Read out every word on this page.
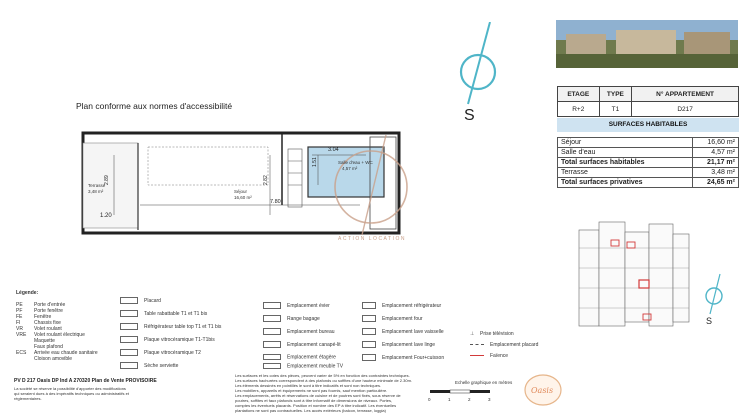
Plan conforme aux normes d'accessibilité
S
ACTION LOCATION
Terrasse
3,48 m²	Séjour
16,60 m²
Salle d'eau + WC
4,57 m²
2.89
1.20
2.82
7.80
3.04
1.51
ETAGE	TYPE	N° APPARTEMENT
R+2	T1	D217
SURFACES HABITABLES
Séjour	16,60 m²
Salle d'eau	4,57 m²
Total surfaces habitables	21,17 m²
Terrasse	3,48 m²
Total surfaces privatives	24,65 m²
S
Légende:
PE Porte d'entrée
PF Porte fenêtre
FE Fenêtre
FI	Chassis fixe
VR Volet roulant
VRE Volet roulant électrique
Maquette
Faux plafond
ECS Arrivée eau chaude sanitaire
Cloison amovible
Placard
Table rabattable T1 et T1 bis
Réfrigérateur table top T1 et T1 bis
Plaque vitrocéramique T1-T1bis
Plaque vitrocéramique T2
Sèche serviette
Emplacement évier
Range bagage
Emplacement bureau
Emplacement canapé-lit
Emplacement étagère
Emplacement meuble TV
Emplacement réfrigérateur
Emplacement four
Emplacement lave vaisselle
Emplacement lave linge
Emplacement Four+cuisson
⊥ Prise télévision
Emplacement placard
Faïence
PV D 217 Oasis DP Ind A 270320 Plan de Vente PROVISOIRE
La société se réserve la possibilité d'apporter des modifications
qui seraient dues à des impératifs techniques ou administratifs et
réglementaires.
Les surfaces et les cotes des pièces, peuvent varier de 5% en fonction des contraintes techniques.
Les surfaces hachurées correspondent à des plafonds ou soffites d'une hauteur minimale de 2.30m.
Les éléments dessinés en pointillés le sont à titre indicatifs et sont non techniques.
Les mobiliers, appareils et équipements ne sont pas fournis, sauf mention particulière.
Les emplacements, arrêts et réservations de cuisine et de poutres sont fixés, sous réserve de
poutres, soffites et faux plafonds sont à titre informatif de dimensions de niveaux. Portes,
comptes les éventuels placards. Position et nombre des EP à titre indicatif. Les éventuelles
plantations ne sont pas contractuelles. Les accès extérieurs (balcon, terrasse, loggia)
Echelle graphique en mètres
0	1	2	3
Oasis
